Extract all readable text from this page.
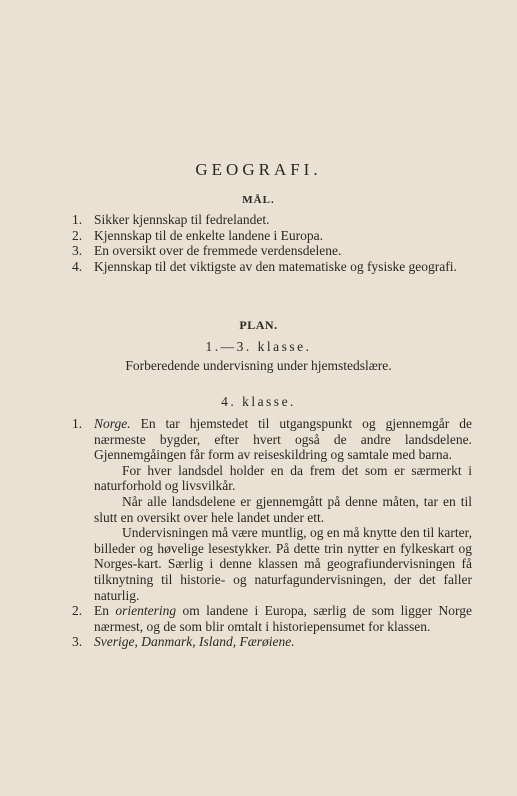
GEOGRAFI.
MÅL.
1. Sikker kjennskap til fedrelandet.
2. Kjennskap til de enkelte landene i Europa.
3. En oversikt over de fremmede verdensdelene.
4. Kjennskap til det viktigste av den matematiske og fysiske geografi.
PLAN.
1.—3. klasse.
Forberedende undervisning under hjemstedslære.
4. klasse.
1. Norge. En tar hjemstedet til utgangspunkt og gjennemgår de nærmeste bygder, efter hvert også de andre landsdelene. Gjennemgåingen får form av reiseskildring og samtale med barna.
For hver landsdel holder en da frem det som er særmerkt i naturforhold og livsvilkår.
Når alle landsdelene er gjennemgått på denne måten, tar en til slutt en oversikt over hele landet under ett.
Undervisningen må være muntlig, og en må knytte den til karter, billeder og høvelige lesestykker. På dette trin nytter en fylkeskart og Norges-kart. Særlig i denne klassen må geografiundervisningen få tilknytning til historie- og naturfagundervisningen, der det faller naturlig.
2. En orientering om landene i Europa, særlig de som ligger Norge nærmest, og de som blir omtalt i historiepensumet for klassen.
3. Sverige, Danmark, Island, Færøiene.
